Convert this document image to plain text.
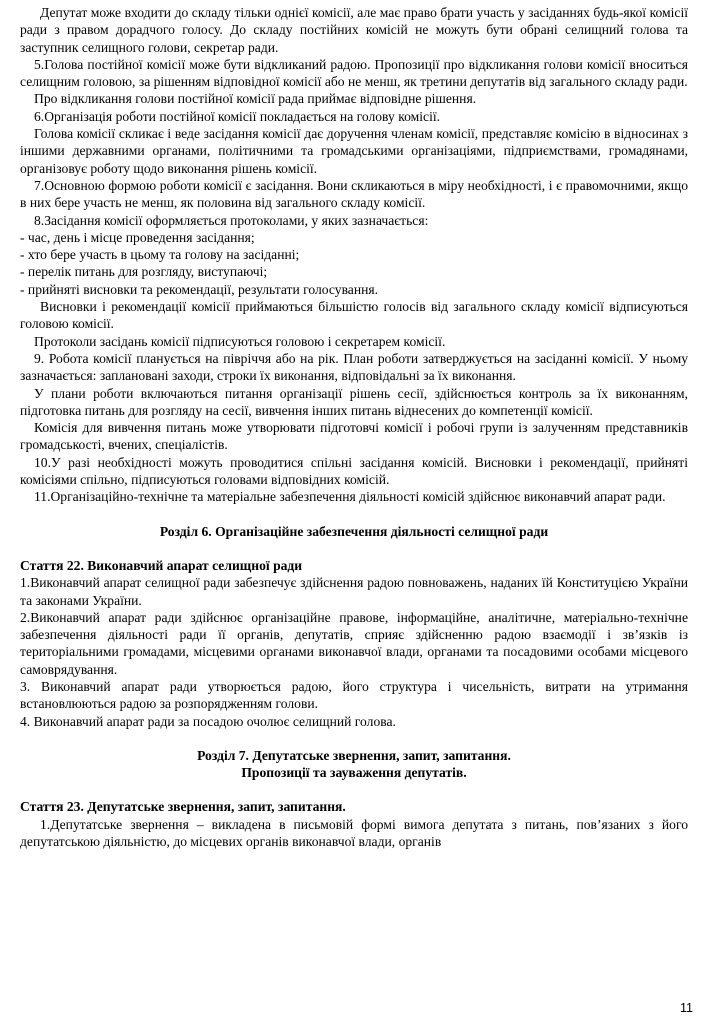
Депутат може входити до складу тільки однієї комісії, але має право брати участь у засіданнях будь-якої комісії ради з правом дорадчого голосу. До складу постійних комісій не можуть бути обрані селищний голова та заступник селищного голови, секретар ради.

5.Голова постійної комісії може бути відкликаний радою. Пропозиції про відкликання голови комісії вноситься селищним головою, за рішенням відповідної комісії або не менш, як третини депутатів від загального складу ради.

Про відкликання голови постійної комісії рада приймає відповідне рішення.

6.Організація роботи постійної комісії покладається на голову комісії.

Голова комісії скликає і веде засідання комісії дає доручення членам комісії, представляє комісію в відносинах з іншими державними органами, політичними та громадськими організаціями, підприємствами, громадянами, організовує роботу щодо виконання рішень комісії.

7.Основною формою роботи комісії є засідання. Вони скликаються в міру необхідності, і є правомочними, якщо в них бере участь не менш, як половина від загального складу комісії.

8.Засідання комісії оформляється протоколами, у яких зазначається:

- час, день і місце проведення засідання;

- хто бере участь в цьому та голову на засіданні;

- перелік питань для розгляду, виступаючі;

- прийняті висновки та рекомендації, результати голосування.

Висновки і рекомендації комісії приймаються більшістю голосів від загального складу комісії відписуються головою комісії.

Протоколи засідань комісії підписуються головою і секретарем комісії.

9. Робота комісії планується на півріччя або на рік. План роботи затверджується на засіданні комісії. У ньому зазначається: заплановані заходи, строки їх виконання, відповідальні за їх виконання.

У плани роботи включаються питання організації рішень сесії, здійснюється контроль за їх виконанням, підготовка питань для розгляду на сесії, вивчення інших питань віднесених до компетенції комісії.

Комісія для вивчення питань може утворювати підготовчі комісії і робочі групи із залученням представників громадськості, вчених, спеціалістів.

10.У разі необхідності можуть проводитися спільні засідання комісій. Висновки і рекомендації, прийняті комісіями спільно, підписуються головами відповідних комісій.

11.Організаційно-технічне та матеріальне забезпечення діяльності комісій здійснює виконавчий апарат ради.

Розділ 6. Організаційне забезпечення діяльності селищної ради

Стаття 22. Виконавчий апарат селищної ради

1.Виконавчий апарат селищної ради забезпечує здійснення радою повноважень, наданих їй Конституцією України та законами України.

2.Виконавчий апарат ради здійснює організаційне правове, інформаційне, аналітичне, матеріально-технічне забезпечення діяльності ради її органів, депутатів, сприяє здійсненню радою взаємодії і зв’язків із територіальними громадами, місцевими органами виконавчої влади, органами та посадовими особами місцевого самоврядування.

3. Виконавчий апарат ради утворюється радою, його структура і чисельність, витрати на утримання встановлюються радою за розпорядженням голови.

4. Виконавчий апарат ради за посадою очолює селищний голова.

Розділ 7. Депутатське звернення, запит, запитання.

Пропозиції та зауваження депутатів.

Стаття 23. Депутатське звернення, запит, запитання.

1.Депутатське звернення – викладена в письмовій формі вимога депутата з питань, пов’язаних з його депутатською діяльністю, до місцевих органів виконавчої влади, органів

11
